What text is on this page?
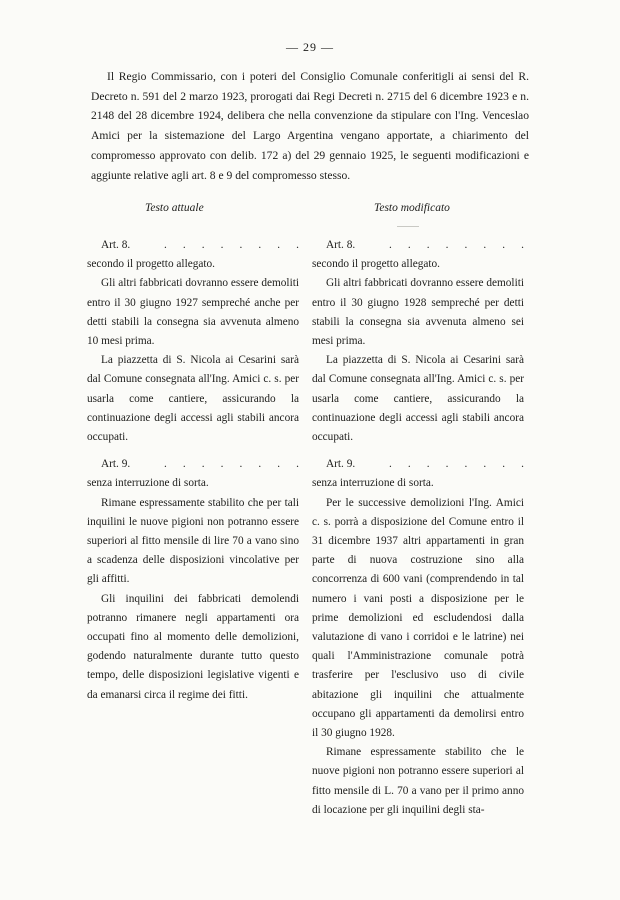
— 29 —

Il Regio Commissario, con i poteri del Consiglio Comunale conferitigli ai sensi del R. Decreto n. 591 del 2 marzo 1923, prorogati dai Regi Decreti n. 2715 del 6 dicembre 1923 e n. 2148 del 28 dicembre 1924, delibera che nella convenzione da stipulare con l'Ing. Venceslao Amici per la sistemazione del Largo Argentina vengano apportate, a chiarimento del compromesso approvato con delib. 172 a) del 29 gennaio 1925, le seguenti modificazioni e aggiunte relative agli art. 8 e 9 del compromesso stesso.

Testo attuale	Testo modificato
Art. 8.	. . . . . . . .

secondo il progetto allegato.

Gli altri fabbricati dovranno essere demoliti entro il 30 giugno 1927 sempreché anche per detti stabili la consegna sia avvenuta almeno 10 mesi prima.

La piazzetta di S. Nicola ai Cesarini sarà dal Comune consegnata all'Ing. Amici c. s. per usarla come cantiere, assicurando la continuazione degli accessi agli stabili ancora occupati.

Art. 9.	. . . . . . . .

senza interruzione di sorta.

Rimane espressamente stabilito che per tali inquilini le nuove pigioni non potranno essere superiori al fitto mensile di lire 70 a vano sino a scadenza delle disposizioni vincolative per gli affitti.

Gli inquilini dei fabbricati demolendi potranno rimanere negli appartamenti ora occupati fino al momento delle demolizioni, godendo naturalmente durante tutto questo tempo, delle disposizioni legislative vigenti e da emanarsi circa il regime dei fitti.

Art. 8.	. . . . . . . .

secondo il progetto allegato.

Gli altri fabbricati dovranno essere demoliti entro il 30 giugno 1928 sempreché per detti stabili la consegna sia avvenuta almeno sei mesi prima.

La piazzetta di S. Nicola ai Cesarini sarà dal Comune consegnata all'Ing. Amici c. s. per usarla come cantiere, assicurando la continuazione degli accessi agli stabili ancora occupati.

Art. 9.	. . . . . . . .

senza interruzione di sorta.

Per le successive demolizioni l'Ing. Amici c. s. porrà a disposizione del Comune entro il 31 dicembre 1937 altri appartamenti in gran parte di nuova costruzione sino alla concorrenza di 600 vani (comprendendo in tal numero i vani posti a disposizione per le prime demolizioni ed escludendosi dalla valutazione di vano i corridoi e le latrine) nei quali l'Amministrazione comunale potrà trasferire per l'esclusivo uso di civile abitazione gli inquilini che attualmente occupano gli appartamenti da demolirsi entro il 30 giugno 1928.

Rimane espressamente stabilito che le nuove pigioni non potranno essere superiori al fitto mensile di L. 70 a vano per il primo anno di locazione per gli inquilini degli sta-
